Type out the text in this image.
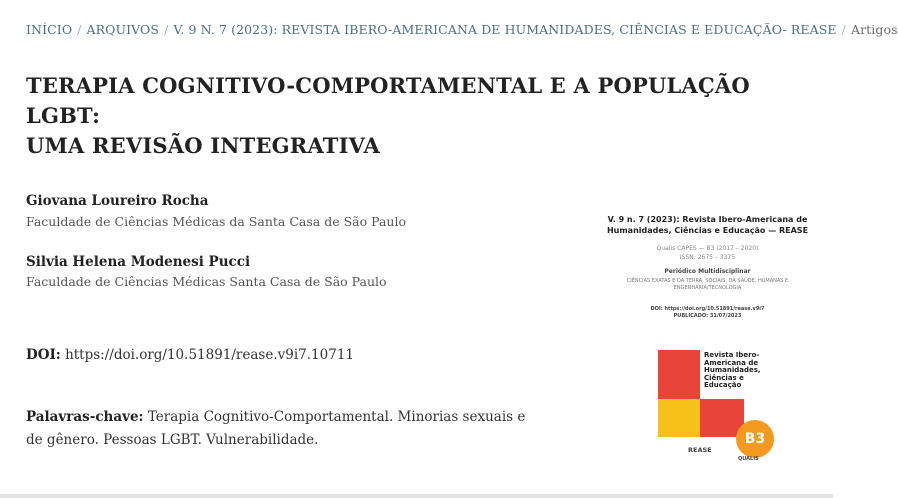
INÍCIO / ARQUIVOS / V. 9 N. 7 (2023): REVISTA IBERO-AMERICANA DE HUMANIDADES, CIÊNCIAS E EDUCAÇÃO- REASE / Artigos
TERAPIA COGNITIVO-COMPORTAMENTAL E A POPULAÇÃO LGBT:
UMA REVISÃO INTEGRATIVA
Giovana Loureiro Rocha
Faculdade de Ciências Médicas da Santa Casa de São Paulo
Silvia Helena Modenesi Pucci
Faculdade de Ciências Médicas Santa Casa de São Paulo
DOI: https://doi.org/10.51891/rease.v9i7.10711
Palavras-chave: Terapia Cognitivo-Comportamental. Minorias sexuais e de gênero. Pessoas LGBT. Vulnerabilidade.
V. 9 n. 7 (2023): Revista Ibero-Americana de
Humanidades, Ciências e Educação — REASE
Qualis CAPES — B3 (2017 – 2020)
ISSN: 2675 – 3375
Periódico Multidisciplinar
CIÊNCIAS EXATAS E DA TERRA, SOCIAIS, DA SAÚDE, HUMANAS E ENGENHARIA/TECNOLOGIA
DOI: https://doi.org/10.51891/rease.v9i7
PUBLICADO: 31/07/2023
Revista Ibero-
Americana de
Humanidades,
Ciências e
Educação
REASE
B3
QUALIS
